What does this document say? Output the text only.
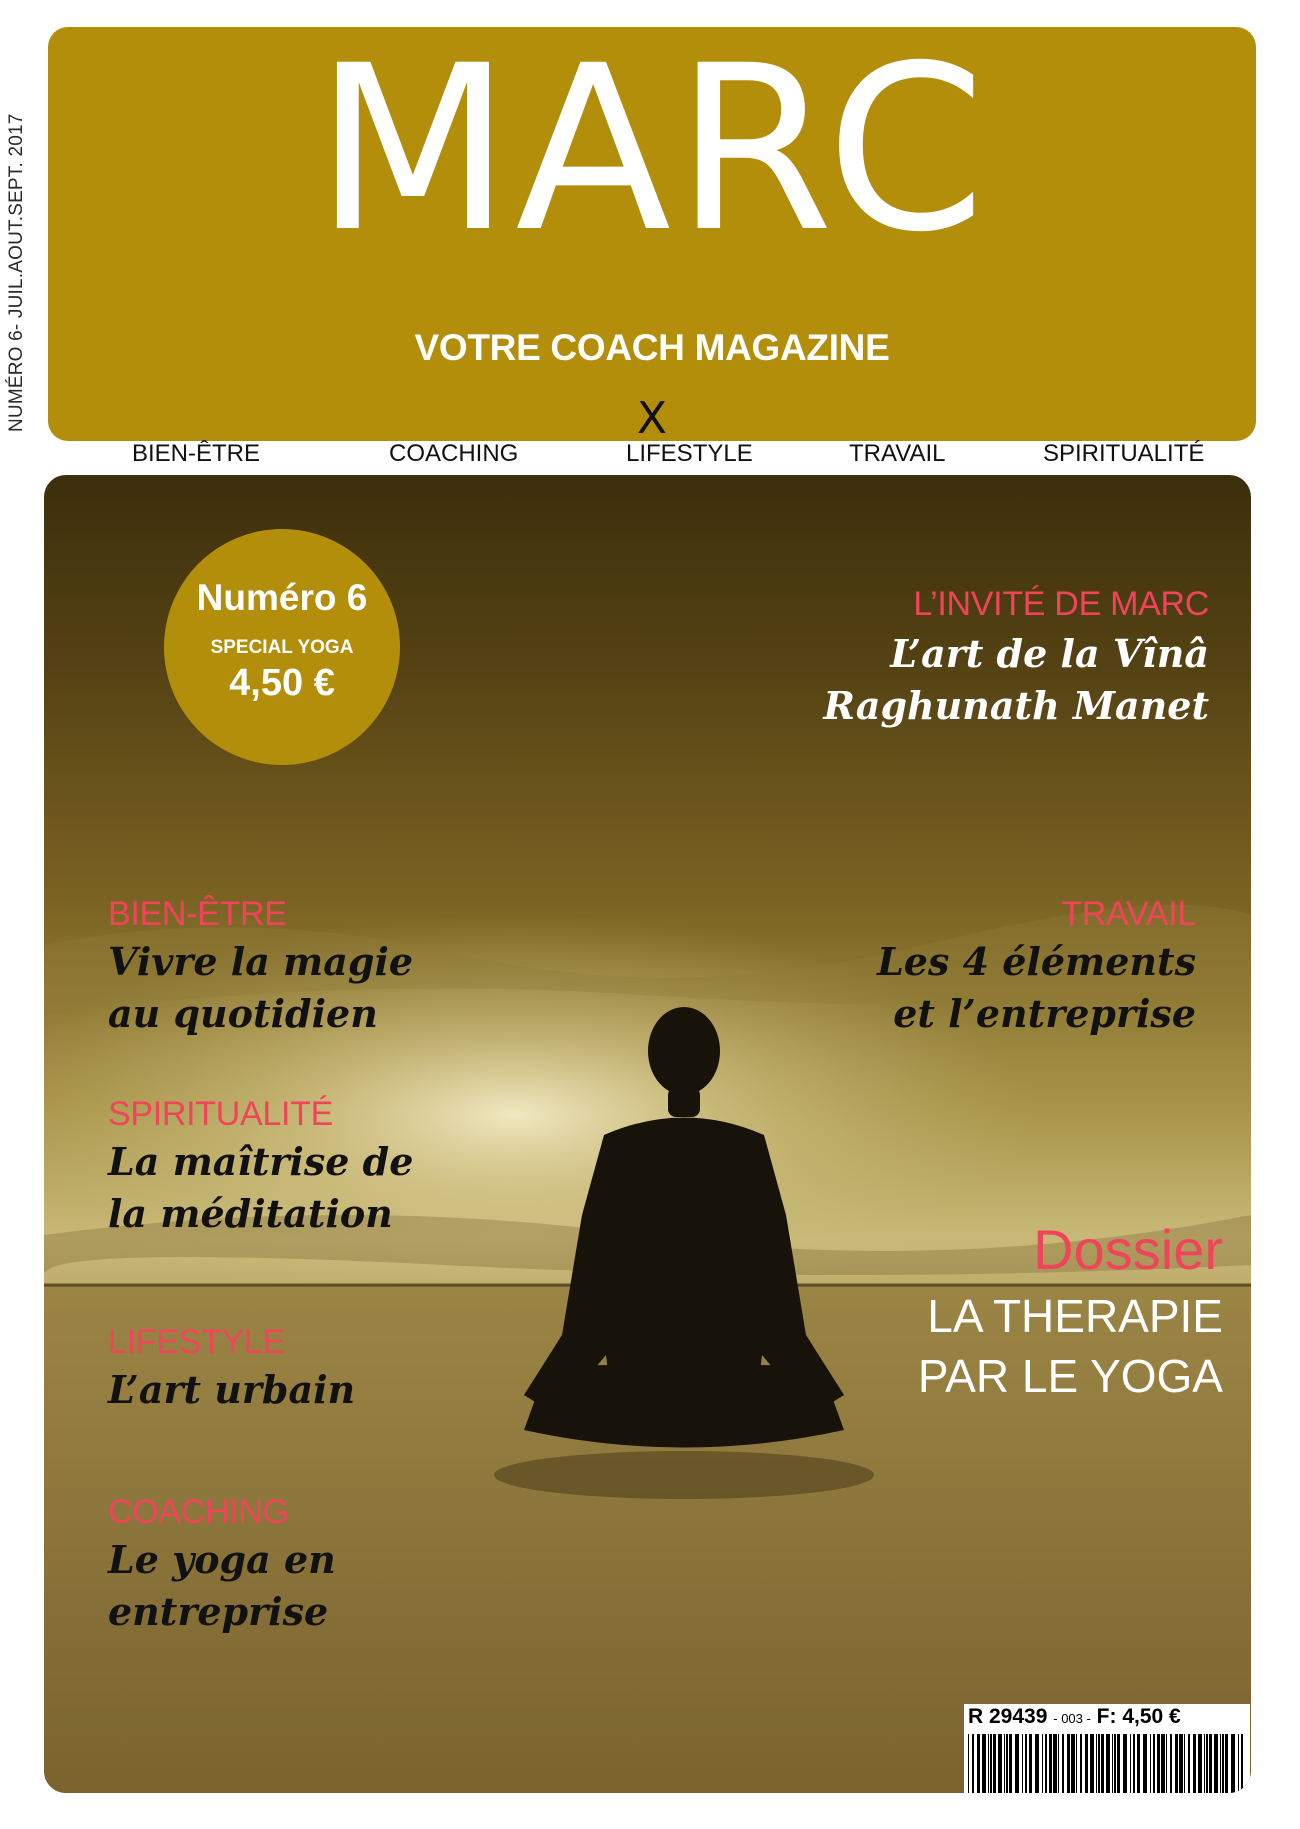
NUMÉRO 6- JUIL.AOUT.SEPT. 2017	MARC
VOTRE COACH MAGAZINE
X
BIEN-ÊTRE	COACHING	LIFESTYLE	TRAVAIL	SPIRITUALITÉ
Numéro 6
SPECIAL YOGA
4,50 €
L’INVITÉ DE MARC
L’art de la Vînâ
Raghunath Manet
BIEN-ÊTRE
Vivre la magie
au quotidien
TRAVAIL
Les 4 éléments
et l’entreprise
SPIRITUALITÉ
La maîtrise de
la méditation
LIFESTYLE
L’art urbain
COACHING
Le yoga en
entreprise
Dossier
LA THERAPIE
PAR LE YOGA
R 29439 - 003 - F: 4,50 €
